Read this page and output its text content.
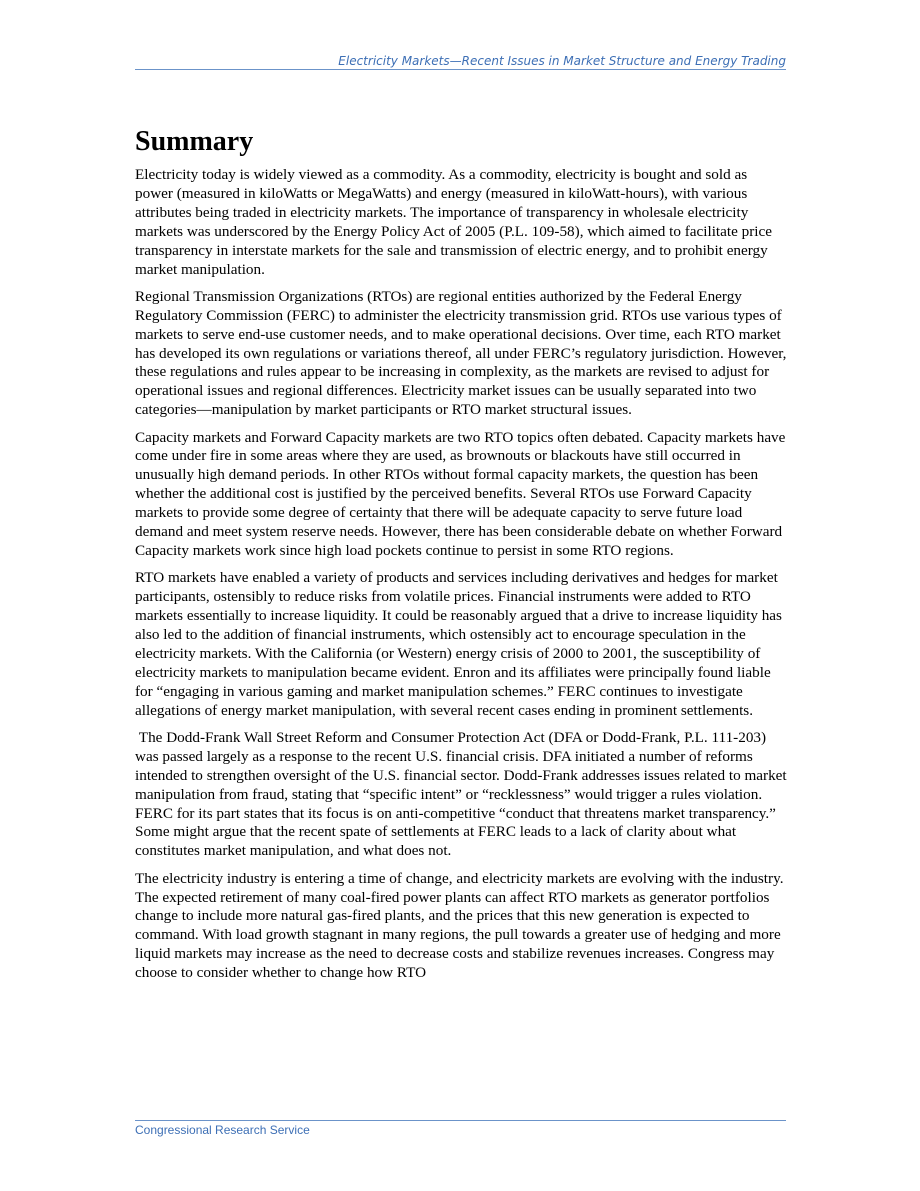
Electricity Markets—Recent Issues in Market Structure and Energy Trading
Summary

Electricity today is widely viewed as a commodity. As a commodity, electricity is bought and sold as power (measured in kiloWatts or MegaWatts) and energy (measured in kiloWatt-hours), with various attributes being traded in electricity markets. The importance of transparency in wholesale electricity markets was underscored by the Energy Policy Act of 2005 (P.L. 109-58), which aimed to facilitate price transparency in interstate markets for the sale and transmission of electric energy, and to prohibit energy market manipulation.

Regional Transmission Organizations (RTOs) are regional entities authorized by the Federal Energy Regulatory Commission (FERC) to administer the electricity transmission grid. RTOs use various types of markets to serve end-use customer needs, and to make operational decisions. Over time, each RTO market has developed its own regulations or variations thereof, all under FERC’s regulatory jurisdiction. However, these regulations and rules appear to be increasing in complexity, as the markets are revised to adjust for operational issues and regional differences. Electricity market issues can be usually separated into two categories—manipulation by market participants or RTO market structural issues.

Capacity markets and Forward Capacity markets are two RTO topics often debated. Capacity markets have come under fire in some areas where they are used, as brownouts or blackouts have still occurred in unusually high demand periods. In other RTOs without formal capacity markets, the question has been whether the additional cost is justified by the perceived benefits. Several RTOs use Forward Capacity markets to provide some degree of certainty that there will be adequate capacity to serve future load demand and meet system reserve needs. However, there has been considerable debate on whether Forward Capacity markets work since high load pockets continue to persist in some RTO regions.

RTO markets have enabled a variety of products and services including derivatives and hedges for market participants, ostensibly to reduce risks from volatile prices. Financial instruments were added to RTO markets essentially to increase liquidity. It could be reasonably argued that a drive to increase liquidity has also led to the addition of financial instruments, which ostensibly act to encourage speculation in the electricity markets. With the California (or Western) energy crisis of 2000 to 2001, the susceptibility of electricity markets to manipulation became evident. Enron and its affiliates were principally found liable for “engaging in various gaming and market manipulation schemes.” FERC continues to investigate allegations of energy market manipulation, with several recent cases ending in prominent settlements.

The Dodd-Frank Wall Street Reform and Consumer Protection Act (DFA or Dodd-Frank, P.L. 111-203) was passed largely as a response to the recent U.S. financial crisis. DFA initiated a number of reforms intended to strengthen oversight of the U.S. financial sector. Dodd-Frank addresses issues related to market manipulation from fraud, stating that “specific intent” or “recklessness” would trigger a rules violation. FERC for its part states that its focus is on anti-competitive “conduct that threatens market transparency.” Some might argue that the recent spate of settlements at FERC leads to a lack of clarity about what constitutes market manipulation, and what does not.

The electricity industry is entering a time of change, and electricity markets are evolving with the industry. The expected retirement of many coal-fired power plants can affect RTO markets as generator portfolios change to include more natural gas-fired plants, and the prices that this new generation is expected to command. With load growth stagnant in many regions, the pull towards a greater use of hedging and more liquid markets may increase as the need to decrease costs and stabilize revenues increases. Congress may choose to consider whether to change how RTO

Congressional Research Service
